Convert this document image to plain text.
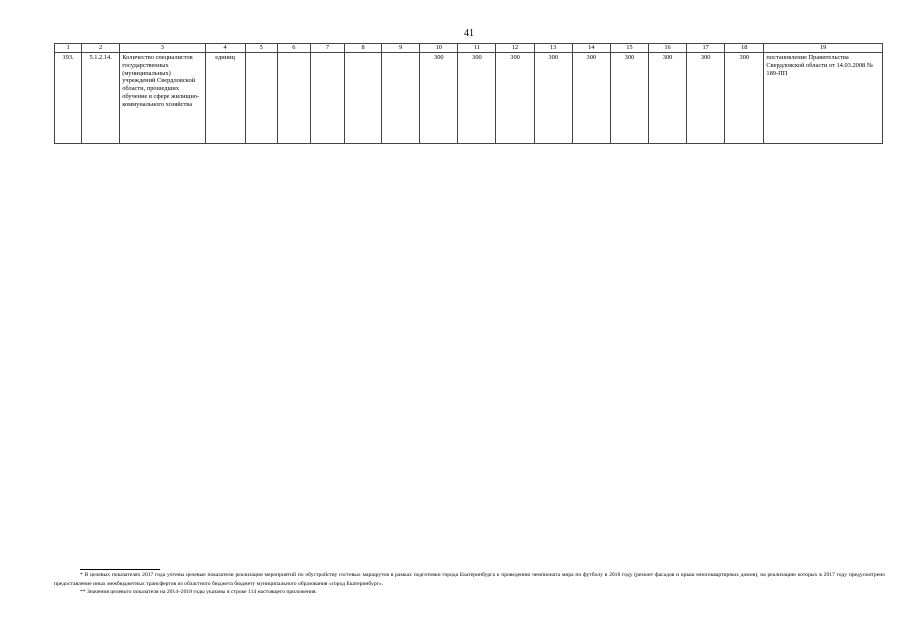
41
1	2	3	4	5	6	7	8	9	10	11	12	13	14	15	16	17	18	19
193.	5.1.2.14.	Количество специалистов государственных (муниципальных) учреждений Свердловской области, прошедших обучение в сфере жилищно-коммунального хозяйства	единиц						300	300	300	300	300	300	300	300	300	постановление Правительства Свердловской области от 14.03.2008 № 189-ПП

* В целевых показателях 2017 года учтены целевые показатели реализации мероприятий по обустройству гостевых маршрутов в рамках подготовки города Екатеринбурга к проведению чемпионата мира по футболу в 2018 году (ремонт фасадов и крыш многоквартирных домов), на реализацию которых в 2017 году предусмотрено предоставление иных межбюджетных трансфертов из областного бюджета бюджету муниципального образования «город Екатеринбург».

** Значения целевого показателя на 2014–2018 годы указаны в строке 114 настоящего приложения.
